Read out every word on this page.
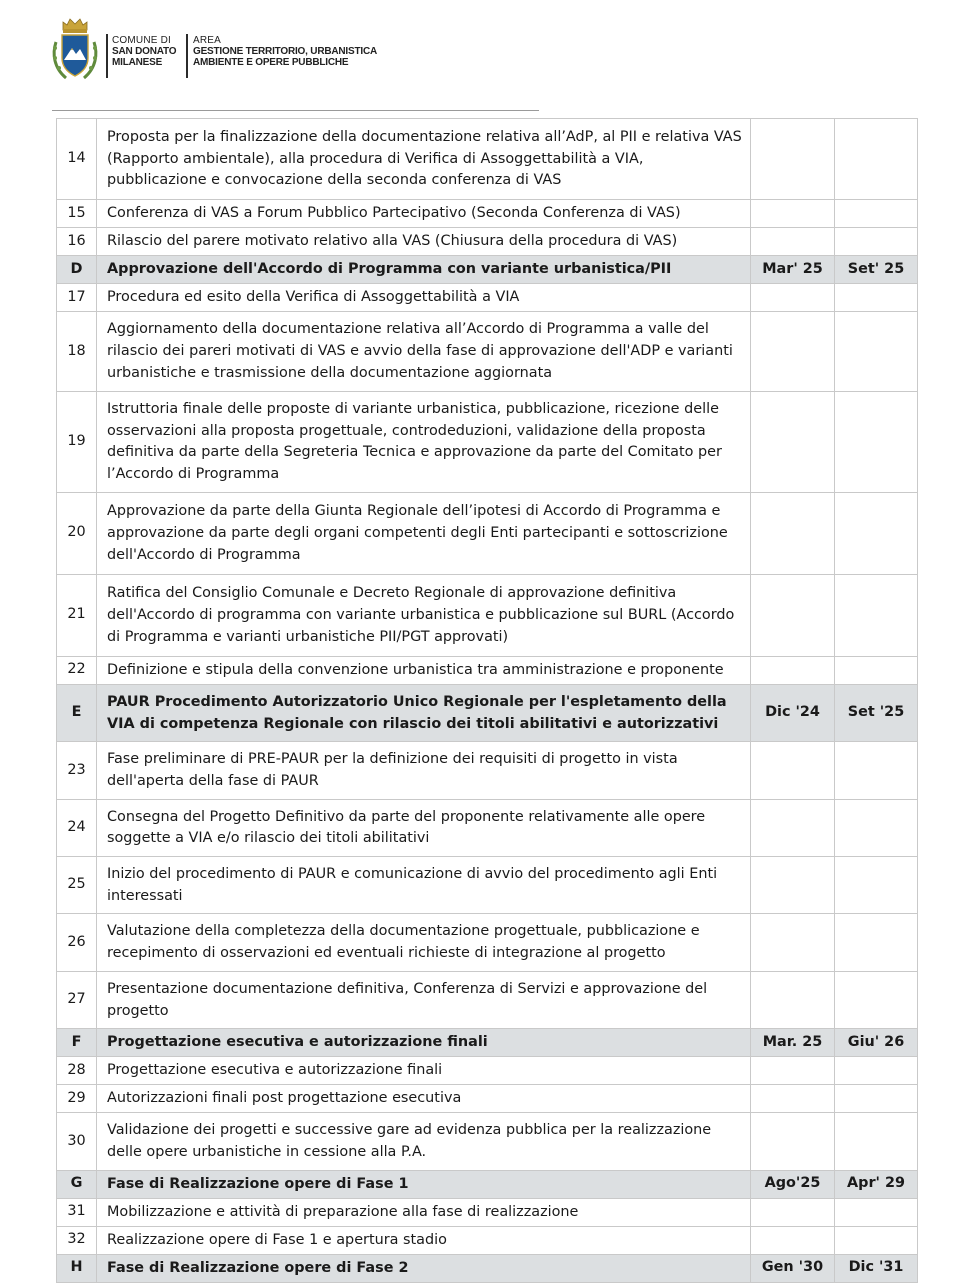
COMUNE DI
SAN DONATO
MILANESE
AREA
GESTIONE TERRITORIO, URBANISTICA
AMBIENTE E OPERE PUBBLICHE
14	Proposta per la finalizzazione della documentazione relativa all’AdP, al PII e relativa VAS (Rapporto ambientale), alla procedura di Verifica di Assoggettabilità a VIA, pubblicazione e convocazione della seconda conferenza di VAS		

15	Conferenza di VAS a Forum Pubblico Partecipativo (Seconda Conferenza di VAS)		

16	Rilascio del parere motivato relativo alla VAS (Chiusura della procedura di VAS)		

D	Approvazione dell'Accordo di Programma con variante urbanistica/PII	Mar' 25	Set' 25
17	Procedura ed esito della Verifica di Assoggettabilità a VIA		

18	Aggiornamento della documentazione relativa all’Accordo di Programma a valle del rilascio dei pareri motivati di VAS e avvio della fase di approvazione dell'ADP e varianti urbanistiche e trasmissione della documentazione aggiornata		

19	Istruttoria finale delle proposte di variante urbanistica, pubblicazione, ricezione delle osservazioni alla proposta progettuale, controdeduzioni, validazione della proposta definitiva da parte della Segreteria Tecnica e approvazione da parte del Comitato per l’Accordo di Programma		

20	Approvazione da parte della Giunta Regionale dell’ipotesi di Accordo di Programma e approvazione da parte degli organi competenti degli Enti partecipanti e sottoscrizione dell'Accordo di Programma		

21	Ratifica del Consiglio Comunale e Decreto Regionale di approvazione definitiva dell'Accordo di programma con variante urbanistica e pubblicazione sul BURL (Accordo di Programma e varianti urbanistiche PII/PGT approvati)		

22	Definizione e stipula della convenzione urbanistica tra amministrazione e proponente		

E	PAUR Procedimento Autorizzatorio Unico Regionale per l'espletamento della VIA di competenza Regionale con rilascio dei titoli abilitativi e autorizzativi	Dic '24	Set '25
23	Fase preliminare di PRE-PAUR per la definizione dei requisiti di progetto in vista dell'aperta della fase di PAUR		

24	Consegna del Progetto Definitivo da parte del proponente relativamente alle opere soggette a VIA e/o rilascio dei titoli abilitativi		

25	Inizio del procedimento di PAUR e comunicazione di avvio del procedimento agli Enti interessati		

26	Valutazione della completezza della documentazione progettuale, pubblicazione e recepimento di osservazioni ed eventuali richieste di integrazione al progetto		

27	Presentazione documentazione definitiva, Conferenza di Servizi e approvazione del progetto		

F	Progettazione esecutiva e autorizzazione finali	Mar. 25	Giu' 26
28	Progettazione esecutiva e autorizzazione finali		

29	Autorizzazioni finali post progettazione esecutiva		

30	Validazione dei progetti e successive gare ad evidenza pubblica per la realizzazione delle opere urbanistiche in cessione alla P.A.		

G	Fase di Realizzazione opere di Fase 1	Ago'25	Apr' 29
31	Mobilizzazione e attività di preparazione alla fase di realizzazione		

32	Realizzazione opere di Fase 1 e apertura stadio		

H	Fase di Realizzazione opere di Fase 2	Gen '30	Dic '31
